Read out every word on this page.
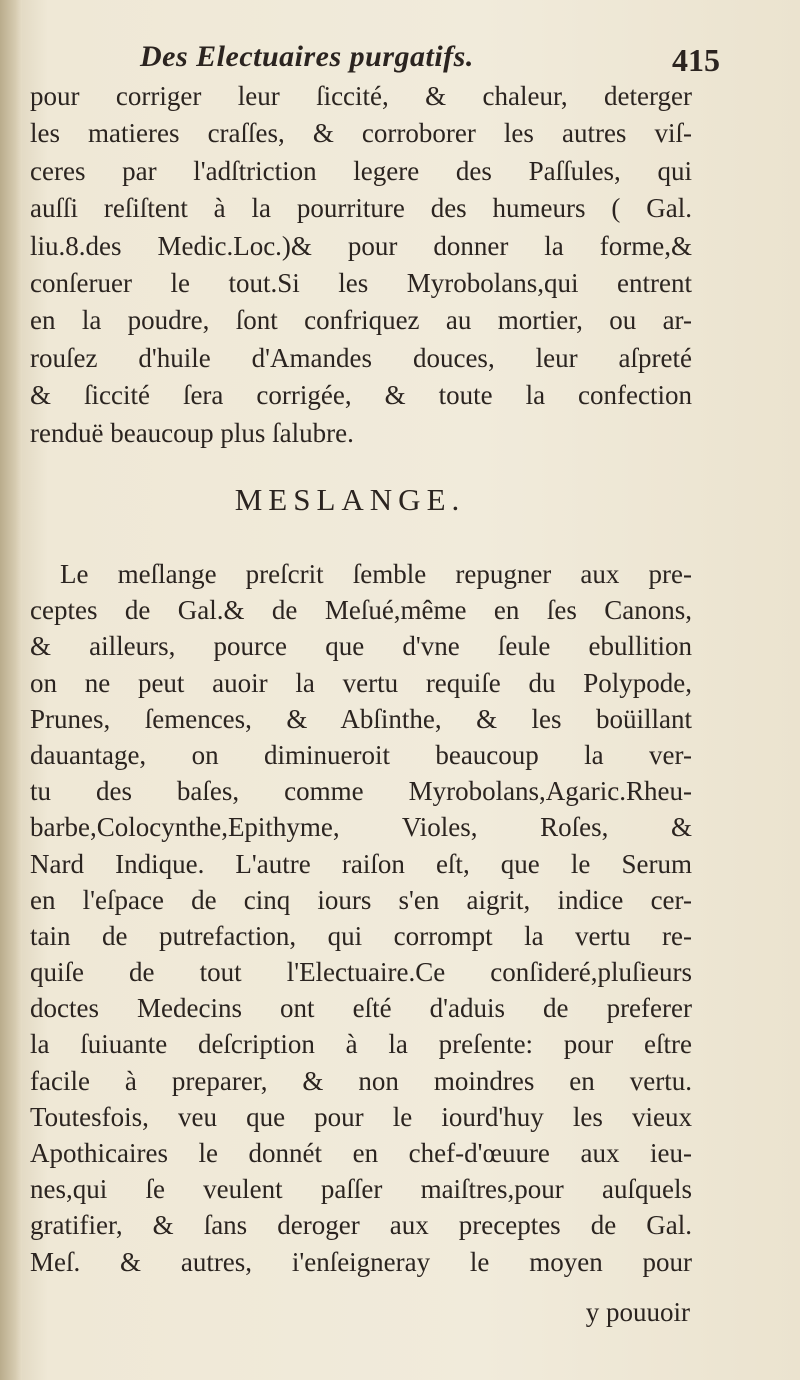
Des Electuaires purgatifs.	415
pour corriger leur ſiccité, & chaleur, deterger
les matieres craſſes, & corroborer les autres viſ-
ceres par l'adſtriction legere des Paſſules, qui
auſſi reſiſtent à la pourriture des humeurs ( Gal.
liu.8.des Medic.Loc.)& pour donner la forme,&
conſeruer le tout.Si les Myrobolans,qui entrent
en la poudre, ſont confriquez au mortier, ou ar-
rouſez d'huile d'Amandes douces, leur aſpreté
& ſiccité ſera corrigée, & toute la confection
renduë beaucoup plus ſalubre.
MESLANGE.
Le meſlange preſcrit ſemble repugner aux pre-
ceptes de Gal.& de Meſué,même en ſes Canons,
& ailleurs, pource que d'vne ſeule ebullition
on ne peut auoir la vertu requiſe du Polypode,
Prunes, ſemences, & Abſinthe, & les boüillant
dauantage, on diminueroit beaucoup la ver-
tu des baſes, comme Myrobolans,Agaric.Rheu-
barbe,Colocynthe,Epithyme, Violes, Roſes, &
Nard Indique. L'autre raiſon eſt, que le Serum
en l'eſpace de cinq iours s'en aigrit, indice cer-
tain de putrefaction, qui corrompt la vertu re-
quiſe de tout l'Electuaire.Ce conſideré,pluſieurs
doctes Medecins ont eſté d'aduis de preferer
la ſuiuante deſcription à la preſente: pour eſtre
facile à preparer, & non moindres en vertu.
Toutesfois, veu que pour le iourd'huy les vieux
Apothicaires le donnét en chef-d'œuure aux ieu-
nes,qui ſe veulent paſſer maiſtres,pour auſquels
gratifier, & ſans deroger aux preceptes de Gal.
Meſ. & autres, i'enſeigneray le moyen pour
y pouuoir
